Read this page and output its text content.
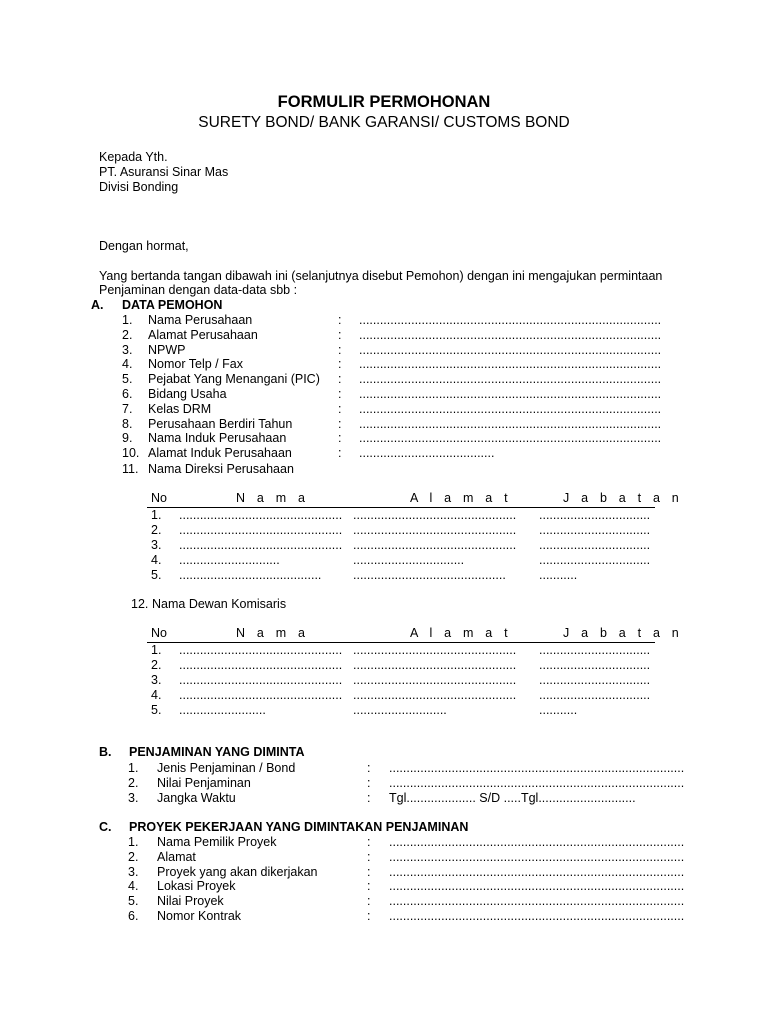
FORMULIR PERMOHONAN
SURETY BOND/ BANK GARANSI/ CUSTOMS BOND
Kepada Yth.
PT. Asuransi Sinar Mas
Divisi Bonding
Dengan hormat,
Yang bertanda tangan dibawah ini (selanjutnya disebut Pemohon) dengan ini mengajukan permintaan
Penjaminan dengan data-data sbb :
A. DATA PEMOHON
1. Nama Perusahaan	: .......................................................................................
2. Alamat Perusahaan	: .......................................................................................
3. NPWP	: .......................................................................................
4. Nomor Telp / Fax	: .......................................................................................
5. Pejabat Yang Menangani (PIC) : .......................................................................................
6. Bidang Usaha	: .......................................................................................
7. Kelas DRM	: .......................................................................................
8. Perusahaan Berdiri Tahun	: .......................................................................................
9. Nama Induk Perusahaan	: .......................................................................................
10. Alamat Induk Perusahaan	: .......................................
11. Nama Direksi Perusahaan
No	N a m a	A l a m a t	J a b a t a n
1.	............................................... ...............................................	................................
2.	............................................... ...............................................	................................
3.	............................................... ...............................................	................................
4.	.............................	................................	................................
5.	.........................................	............................................	...........
12. Nama Dewan Komisaris
No	N a m a	A l a m a t	J a b a t a n
1.	............................................... ...............................................	................................
2.	............................................... ...............................................	................................
3.	............................................... ...............................................	................................
4.	............................................... ...............................................	................................
5.	.........................	...........................	...........
B. PENJAMINAN YANG DIMINTA
1. Jenis Penjaminan / Bond	: .....................................................................................
2. Nilai Penjaminan	: .....................................................................................
3. Jangka Waktu	: Tgl.................... S/D .....Tgl............................
C. PROYEK PEKERJAAN YANG DIMINTAKAN PENJAMINAN
1. Nama Pemilik Proyek	: .....................................................................................
2. Alamat	: .....................................................................................
3. Proyek yang akan dikerjakan	: .....................................................................................
4. Lokasi Proyek	: .....................................................................................
5. Nilai Proyek	: .....................................................................................
6. Nomor Kontrak	: .....................................................................................
